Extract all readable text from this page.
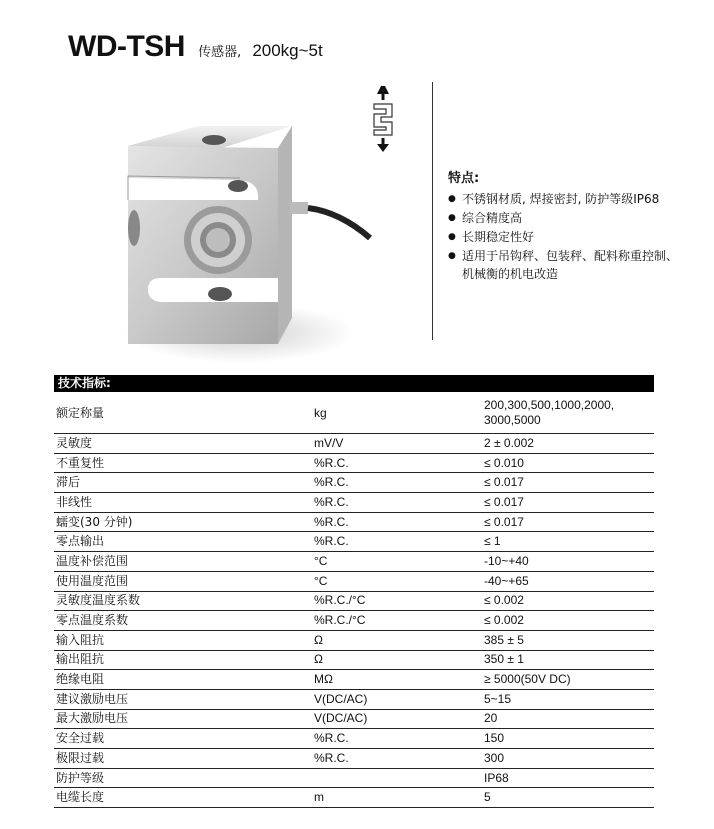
WD-TSH 传感器, 200kg~5t
特点:
● 不锈钢材质, 焊接密封, 防护等级IP68
● 综合精度高
● 长期稳定性好
● 适用于吊钩秤、包装秤、配料称重控制、机械衡的机电改造
技术指标:
额定称量	kg	200,300,500,1000,2000, 3000,5000
灵敏度	mV/V	2 ± 0.002
不重复性	%R.C.	≤ 0.010
滞后	%R.C.	≤ 0.017
非线性	%R.C.	≤ 0.017
蠕变(30 分钟)	%R.C.	≤ 0.017
零点输出	%R.C.	≤ 1
温度补偿范围	°C	-10~+40
使用温度范围	°C	-40~+65
灵敏度温度系数	%R.C./°C	≤ 0.002
零点温度系数	%R.C./°C	≤ 0.002
输入阻抗	Ω	385 ± 5
输出阻抗	Ω	350 ± 1
绝缘电阻	MΩ	≥ 5000(50V DC)
建议激励电压	V(DC/AC)	5~15
最大激励电压	V(DC/AC)	20
安全过载	%R.C.	150
极限过载	%R.C.	300
防护等级		IP68
电缆长度	m	5
